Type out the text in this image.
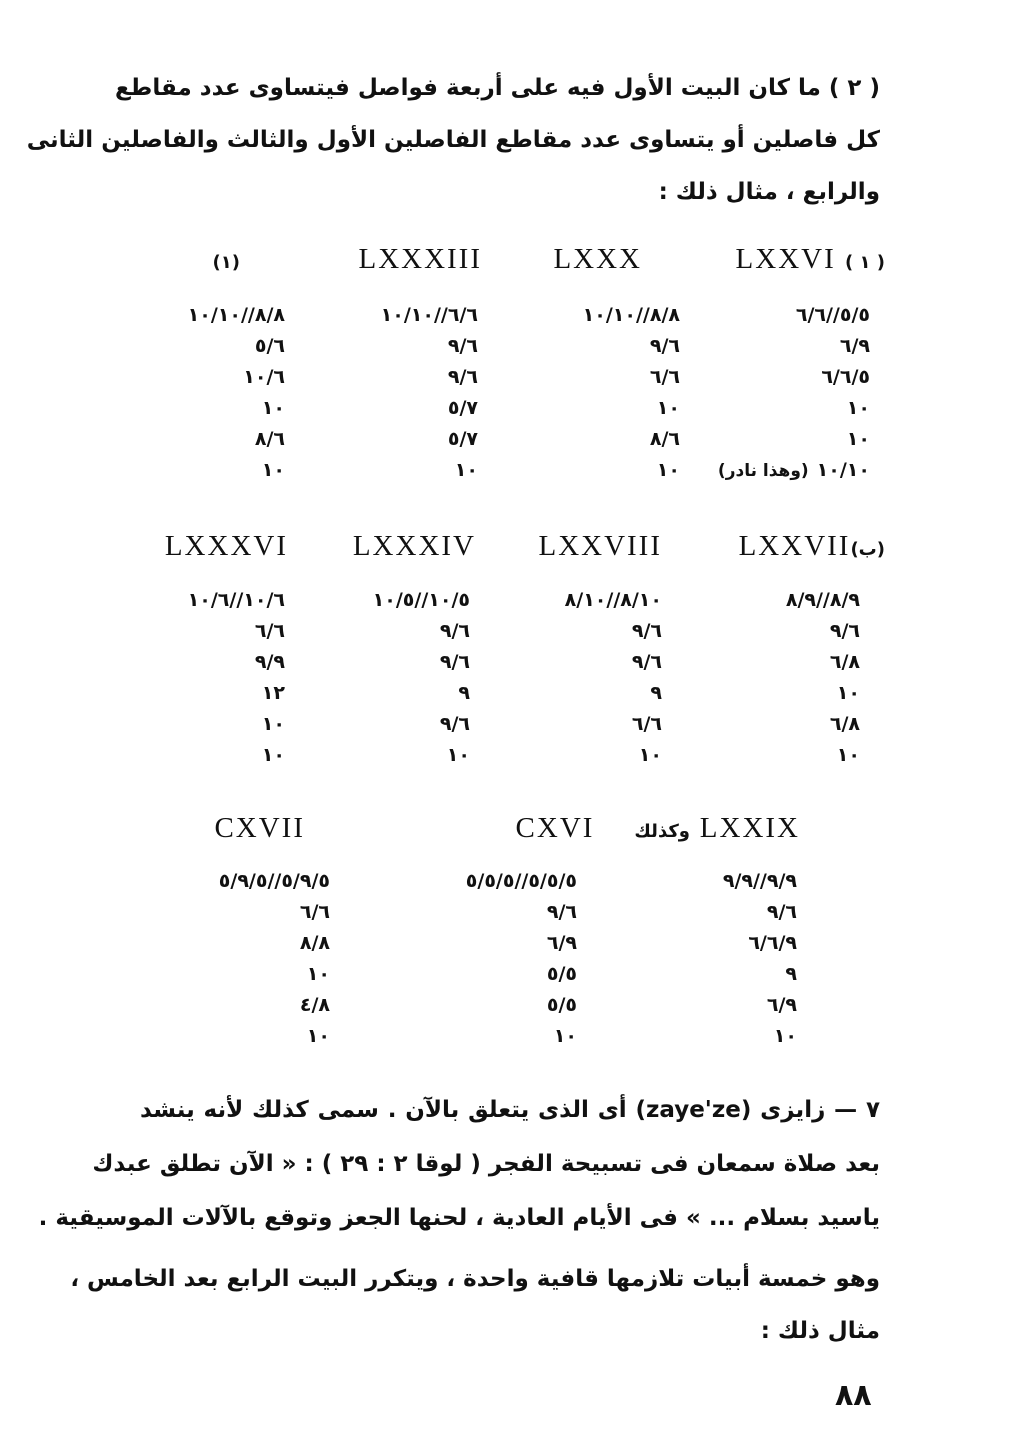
( ٢ ) ما كان البيت الأول فيه على أربعة فواصل فيتساوى عدد مقاطع
كل فاصلين أو يتساوى عدد مقاطع الفاصلين الأول والثالث والفاصلين الثانى
والرابع ، مثال ذلك :
LXXVI ( ١ )
LXXX
LXXXIII
(١)
٦/٦//٥/٥
٦/٩
٦/٦/٥
١٠
١٠
(وهذا نادر) ١٠/١٠
١٠/١٠//٨/٨
٩/٦
٦/٦
١٠
٨/٦
١٠
١٠/١٠//٦/٦
٩/٦
٩/٦
٥/٧
٥/٧
١٠
١٠/١٠//٨/٨
٥/٦
١٠/٦
١٠
٨/٦
١٠
LXXVII(ب)
LXXVIII
LXXXIV
LXXXVI
٨/٩//٨/٩
٩/٦
٦/٨
١٠
٦/٨
١٠
٨/١٠//٨/١٠
٩/٦
٩/٦
٩
٦/٦
١٠
١٠/٥//١٠/٥
٩/٦
٩/٦
٩
٩/٦
١٠
١٠/٦//١٠/٦
٦/٦
٩/٩
١٢
١٠
١٠
LXXIX
CXVI وكذلك
CXVII
٩/٩//٩/٩
٩/٦
٦/٦/٩
٩
٦/٩
١٠
٥/٥/٥//٥/٥/٥
٩/٦
٦/٩
٥/٥
٥/٥
١٠
٥/٩/٥//٥/٩/٥
٦/٦
٨/٨
١٠
٤/٨
١٠
٧ — زايزى (zaye'ze) أى الذى يتعلق بالآن . سمى كذلك لأنه ينشد
بعد صلاة سمعان فى تسبيحة الفجر ( لوقا ٢ : ٢٩ ) : « الآن تطلق عبدك
ياسيد بسلام ... » فى الأيام العادية ، لحنها الجعز وتوقع بالآلات الموسيقية .
وهو خمسة أبيات تلازمها قافية واحدة ، ويتكرر البيت الرابع بعد الخامس ،
مثال ذلك :
٨٨
